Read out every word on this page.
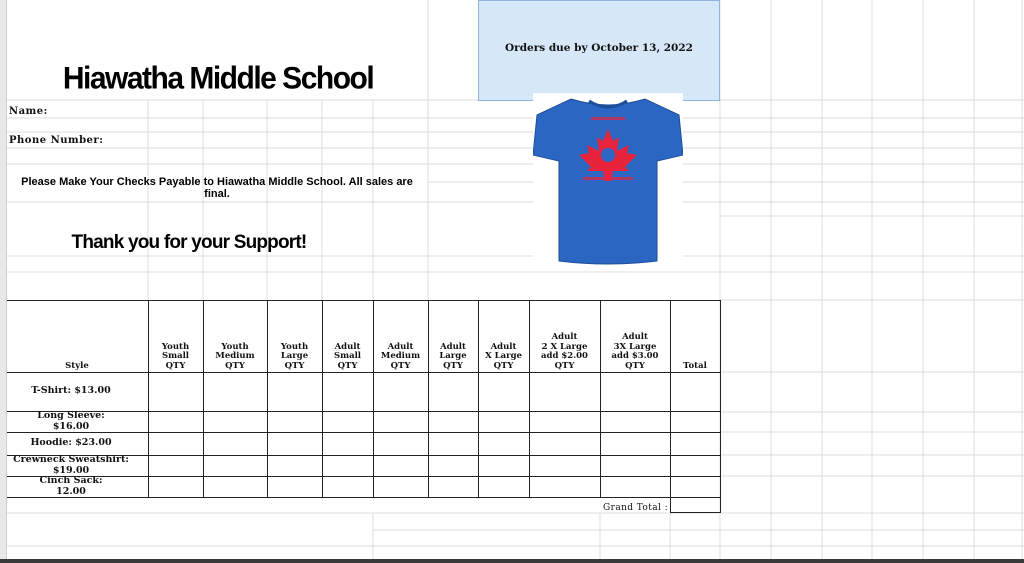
Orders due by October 13, 2022
Hiawatha Middle School
Name:
Phone Number:
Please Make Your Checks Payable to Hiawatha Middle School. All sales are
final.
Thank you for your Support!
Youth
Small
QTY
Youth
Medium
QTY
Youth
Large
QTY
Adult
Small
QTY
Adult
Medium
QTY
Adult
Large
QTY
Adult
X Large
QTY
Adult
2 X Large
add $2.00
QTY
Adult
3X Large
add $3.00
QTY
Style	Total
T-Shirt: $13.00
Long Sleeve:
$16.00
Hoodie: $23.00
Crewneck Sweatshirt:
$19.00
Cinch Sack:
12.00
Grand Total :
